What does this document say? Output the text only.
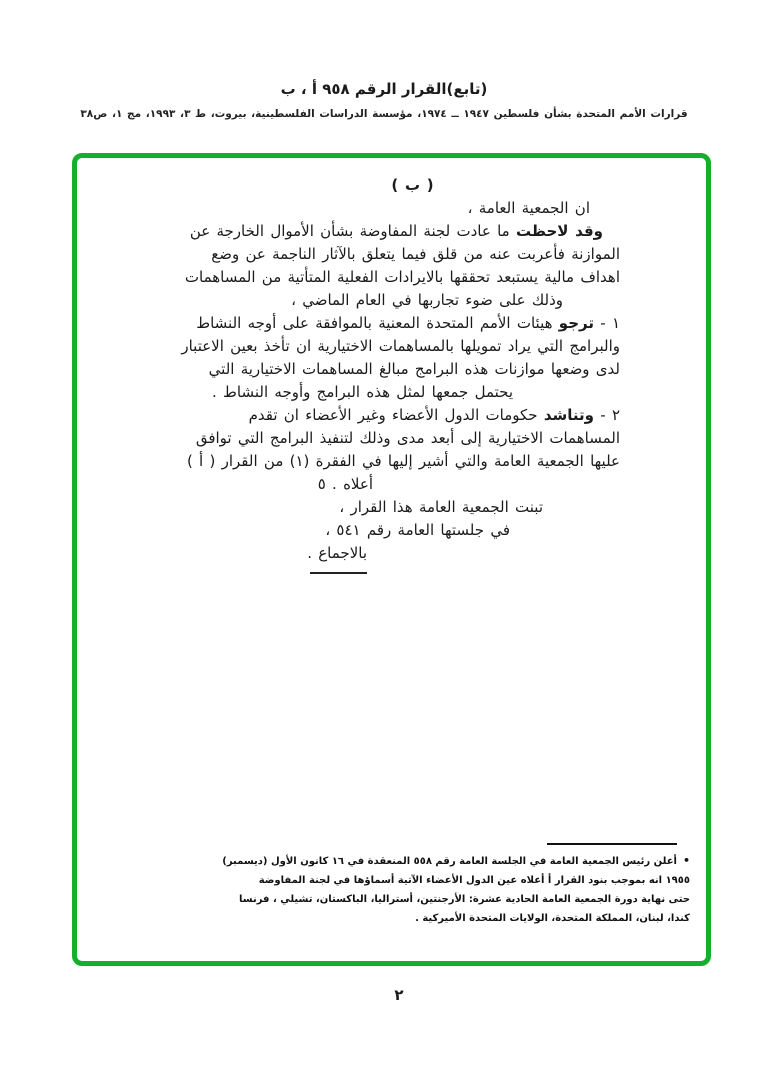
(تابع)القرار الرقم ٩٥٨ أ ، ب
قرارات الأمم المتحدة بشأن فلسطين ١٩٤٧ ــ ١٩٧٤، مؤسسة الدراسات الفلسطينية، بيروت، ط ٣، ١٩٩٣، مج ١، ص٣٨
( ب )
ان الجمعية العامة ،
وقد لاحظت ما عادت لجنة المفاوضة بشأن الأموال الخارجة عن
الموازنة فأعربت عنه من قلق فيما يتعلق بالآثار الناجمة عن وضع
اهداف مالية يستبعد تحققها بالايرادات الفعلية المتأتية من المساهمات
وذلك على ضوء تجاربها في العام الماضي ،
١ - ترجو هيئات الأمم المتحدة المعنية بالموافقة على أوجه النشاط
والبرامج التي يراد تمويلها بالمساهمات الاختيارية ان تأخذ بعين الاعتبار
لدى وضعها موازنات هذه البرامج مبالغ المساهمات الاختيارية التي
يحتمل جمعها لمثل هذه البرامج وأوجه النشاط .
٢ - وتناشد حكومات الدول الأعضاء وغير الأعضاء ان تقدم
المساهمات الاختيارية إلى أبعد مدى وذلك لتنفيذ البرامج التي توافق
عليها الجمعية العامة والتي أشير إليها في الفقرة (١) من القرار ( أ )
أعلاه . ٥
تبنت الجمعية العامة هذا القرار ،
في جلستها العامة رقم ٥٤١ ،
بالاجماع .
•أعلن رئيس الجمعية العامة في الجلسة العامة رقم ٥٥٨ المنعقدة في ١٦ كانون الأول (ديسمبر)
١٩٥٥ انه بموجب بنود القرار أ أعلاه عين الدول الأعضاء الآتية أسماؤها في لجنة المفاوضة
حتى نهاية دورة الجمعية العامة الحادية عشرة: الأرجنتين، أستراليا، الباكستان، تشيلي ، فرنسا
كندا، لبنان، المملكة المتحدة، الولايات المتحدة الأميركية .
٢
